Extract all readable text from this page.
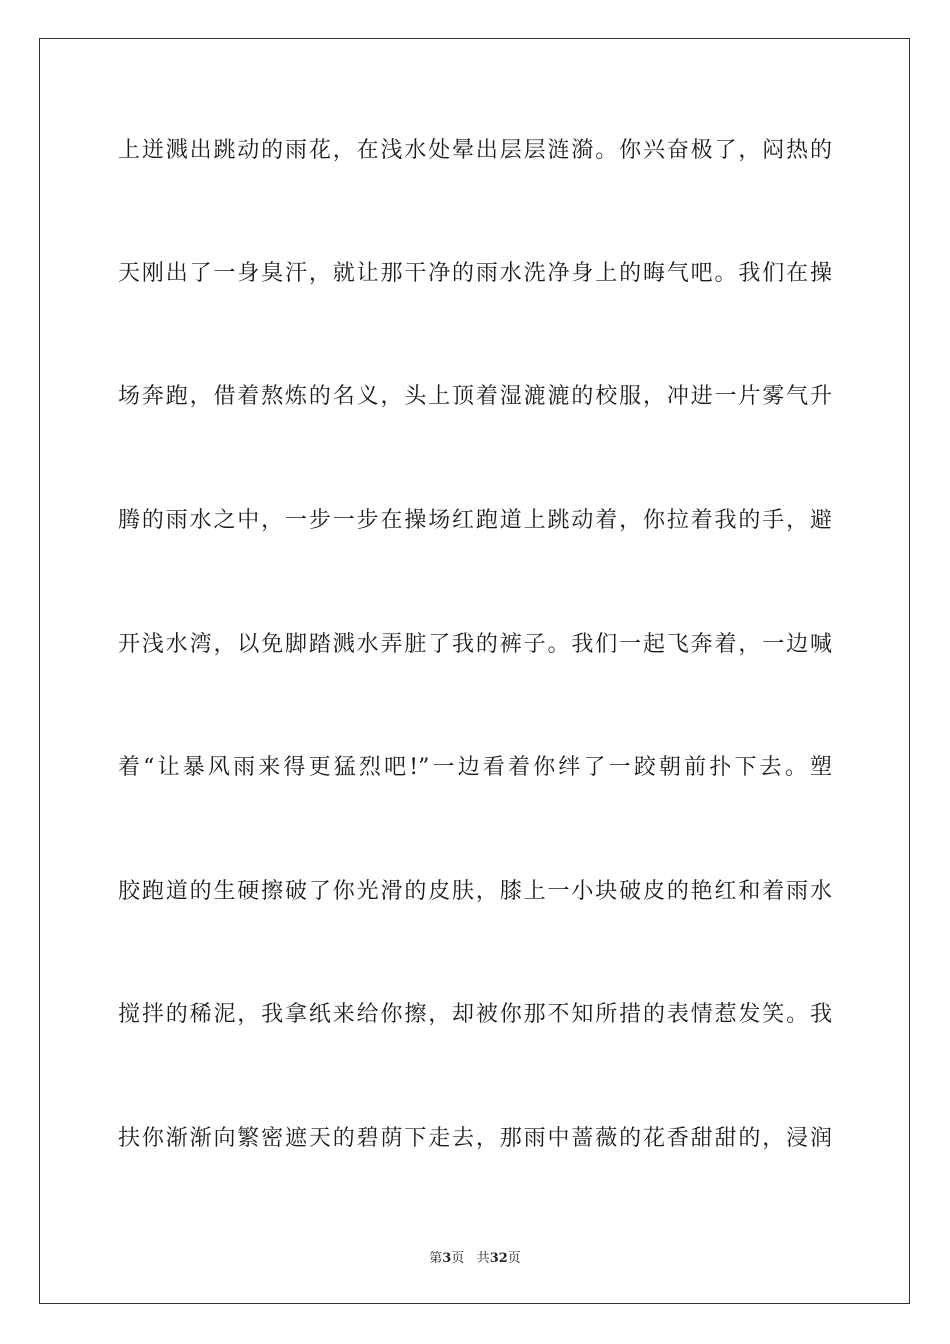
上迸溅出跳动的雨花，在浅水处晕出层层涟漪。你兴奋极了，闷热的
天刚出了一身臭汗，就让那干净的雨水洗净身上的晦气吧。我们在操
场奔跑，借着熬炼的名义，头上顶着湿漉漉的校服，冲进一片雾气升
腾的雨水之中，一步一步在操场红跑道上跳动着，你拉着我的手，避
开浅水湾，以免脚踏溅水弄脏了我的裤子。我们一起飞奔着，一边喊
着“让暴风雨来得更猛烈吧!”一边看着你绊了一跤朝前扑下去。塑
胶跑道的生硬擦破了你光滑的皮肤，膝上一小块破皮的艳红和着雨水
搅拌的稀泥，我拿纸来给你擦，却被你那不知所措的表情惹发笑。我
扶你渐渐向繁密遮天的碧荫下走去，那雨中蔷薇的花香甜甜的，浸润
第3页 共32页
